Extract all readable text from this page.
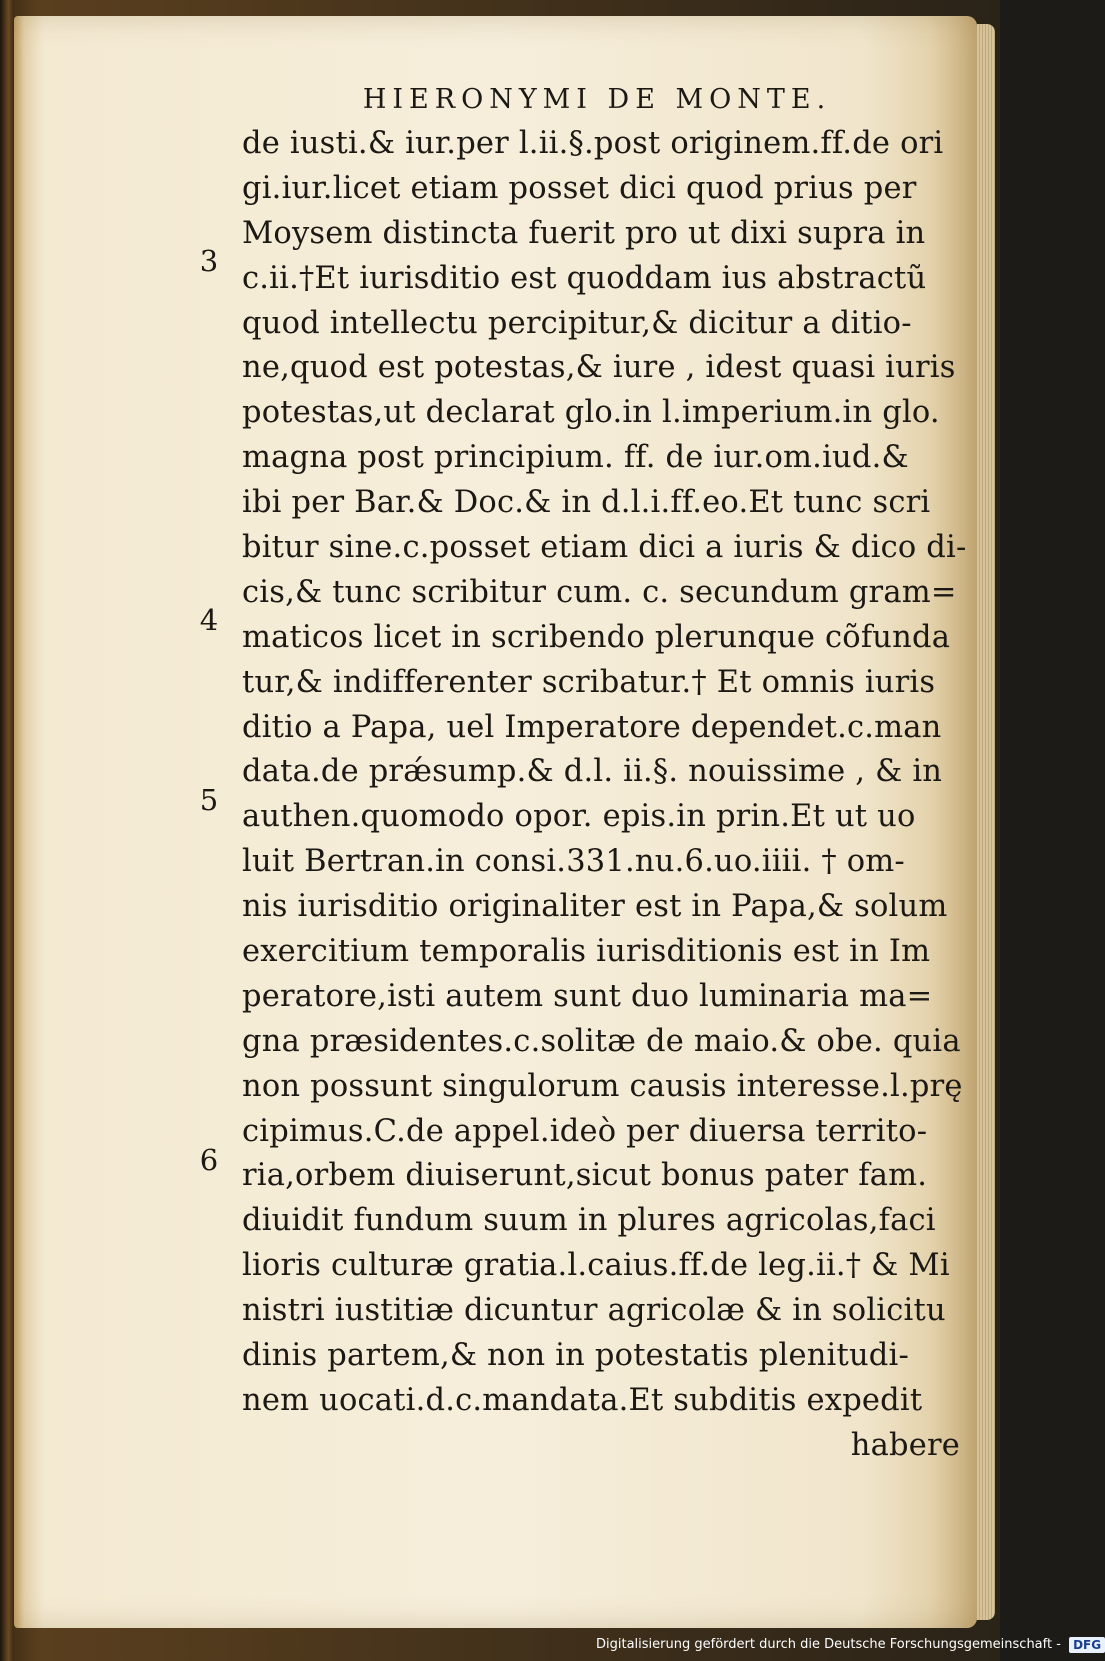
HIERONYMI DE MONTE.
de iusti.& iur.per l.ii.§.post originem.ff.de ori
gi.iur.licet etiam posset dici quod prius per
Moysem distincta fuerit pro ut dixi supra in
c.ii.†Et iurisditio est quoddam ius abstractũ
quod intellectu percipitur,& dicitur a ditio-
ne,quod est potestas,& iure , idest quasi iuris
potestas,ut declarat glo.in l.imperium.in glo.
magna post principium. ff. de iur.om.iud.&
ibi per Bar.& Doc.& in d.l.i.ff.eo.Et tunc scri
bitur sine.c.posset etiam dici a iuris & dico di-
cis,& tunc scribitur cum. c. secundum gram=
maticos licet in scribendo plerunque cõfunda
tur,& indifferenter scribatur.† Et omnis iuris
ditio a Papa, uel Imperatore dependet.c.man
data.de prǽsump.& d.l. ii.§. nouissime , & in
authen.quomodo opor. epis.in prin.Et ut uo
luit Bertran.in consi.331.nu.6.uo.iiii. † om-
nis iurisditio originaliter est in Papa,& solum
exercitium temporalis iurisditionis est in Im
peratore,isti autem sunt duo luminaria ma=
gna præsidentes.c.solitæ de maio.& obe. quia
non possunt singulorum causis interesse.l.prę
cipimus.C.de appel.ideò per diuersa territo-
ria,orbem diuiserunt,sicut bonus pater fam.
diuidit fundum suum in plures agricolas,faci
lioris culturæ gratia.l.caius.ff.de leg.ii.† & Mi
nistri iustitiæ dicuntur agricolæ & in solicitu
dinis partem,& non in potestatis plenitudi-
nem uocati.d.c.mandata.Et subditis expedit
habere
3
4
5
6
Digitalisierung gefördert durch die Deutsche Forschungsgemeinschaft - DFG
